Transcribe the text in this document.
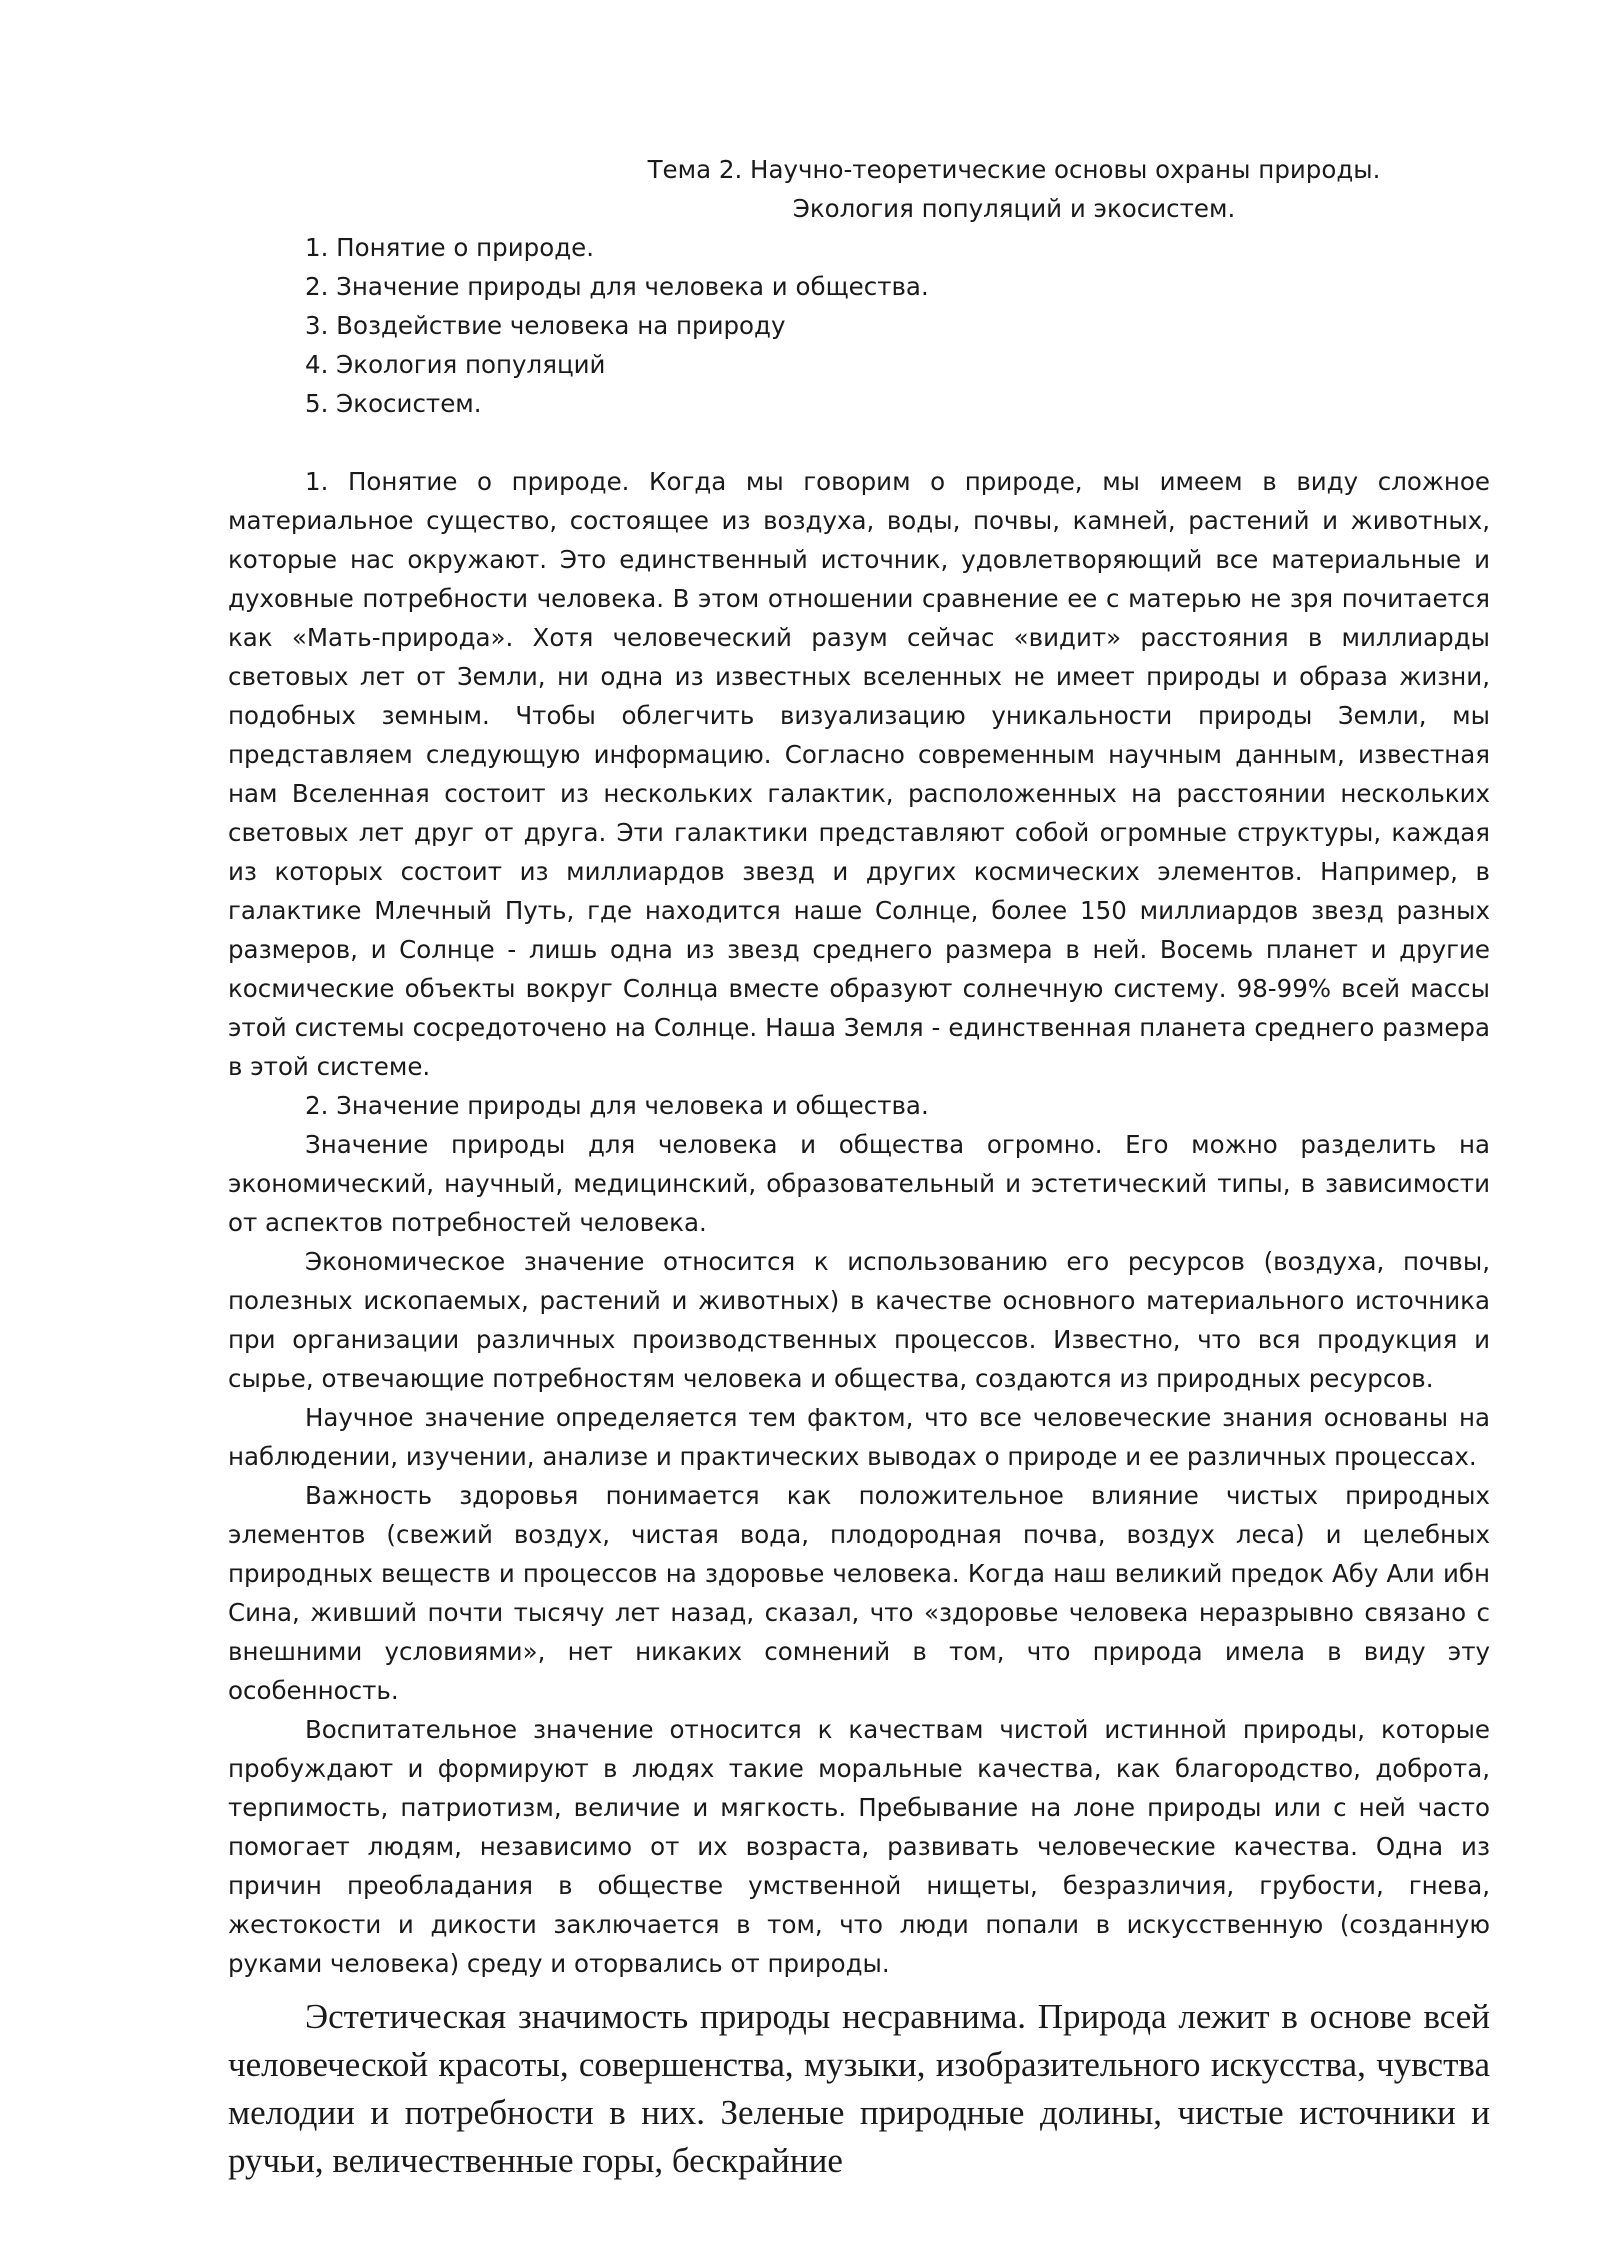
Тема 2. Научно-теоретические основы охраны природы.
Экология популяций и экосистем.
1. Понятие о природе.
2. Значение природы для человека и общества.
3. Воздействие человека на природу
4. Экология популяций
5. Экосистем.

1. Понятие о природе. Когда мы говорим о природе, мы имеем в виду сложное материальное существо, состоящее из воздуха, воды, почвы, камней, растений и животных, которые нас окружают. Это единственный источник, удовлетворяющий все материальные и духовные потребности человека. В этом отношении сравнение ее с матерью не зря почитается как «Мать-природа». Хотя человеческий разум сейчас «видит» расстояния в миллиарды световых лет от Земли, ни одна из известных вселенных не имеет природы и образа жизни, подобных земным. Чтобы облегчить визуализацию уникальности природы Земли, мы представляем следующую информацию. Согласно современным научным данным, известная нам Вселенная состоит из нескольких галактик, расположенных на расстоянии нескольких световых лет друг от друга. Эти галактики представляют собой огромные структуры, каждая из которых состоит из миллиардов звезд и других космических элементов. Например, в галактике Млечный Путь, где находится наше Солнце, более 150 миллиардов звезд разных размеров, и Солнце - лишь одна из звезд среднего размера в ней. Восемь планет и другие космические объекты вокруг Солнца вместе образуют солнечную систему. 98-99% всей массы этой системы сосредоточено на Солнце. Наша Земля - единственная планета среднего размера в этой системе.

2. Значение природы для человека и общества.

Значение природы для человека и общества огромно. Его можно разделить на экономический, научный, медицинский, образовательный и эстетический типы, в зависимости от аспектов потребностей человека.

Экономическое значение относится к использованию его ресурсов (воздуха, почвы, полезных ископаемых, растений и животных) в качестве основного материального источника при организации различных производственных процессов. Известно, что вся продукция и сырье, отвечающие потребностям человека и общества, создаются из природных ресурсов.

Научное значение определяется тем фактом, что все человеческие знания основаны на наблюдении, изучении, анализе и практических выводах о природе и ее различных процессах.

Важность здоровья понимается как положительное влияние чистых природных элементов (свежий воздух, чистая вода, плодородная почва, воздух леса) и целебных природных веществ и процессов на здоровье человека. Когда наш великий предок Абу Али ибн Сина, живший почти тысячу лет назад, сказал, что «здоровье человека неразрывно связано с внешними условиями», нет никаких сомнений в том, что природа имела в виду эту особенность.

Воспитательное значение относится к качествам чистой истинной природы, которые пробуждают и формируют в людях такие моральные качества, как благородство, доброта, терпимость, патриотизм, величие и мягкость. Пребывание на лоне природы или с ней часто помогает людям, независимо от их возраста, развивать человеческие качества. Одна из причин преобладания в обществе умственной нищеты, безразличия, грубости, гнева, жестокости и дикости заключается в том, что люди попали в искусственную (созданную руками человека) среду и оторвались от природы.

Эстетическая значимость природы несравнима. Природа лежит в основе всей человеческой красоты, совершенства, музыки, изобразительного искусства, чувства мелодии и потребности в них. Зеленые природные долины, чистые источники и ручьи, величественные горы, бескрайние
